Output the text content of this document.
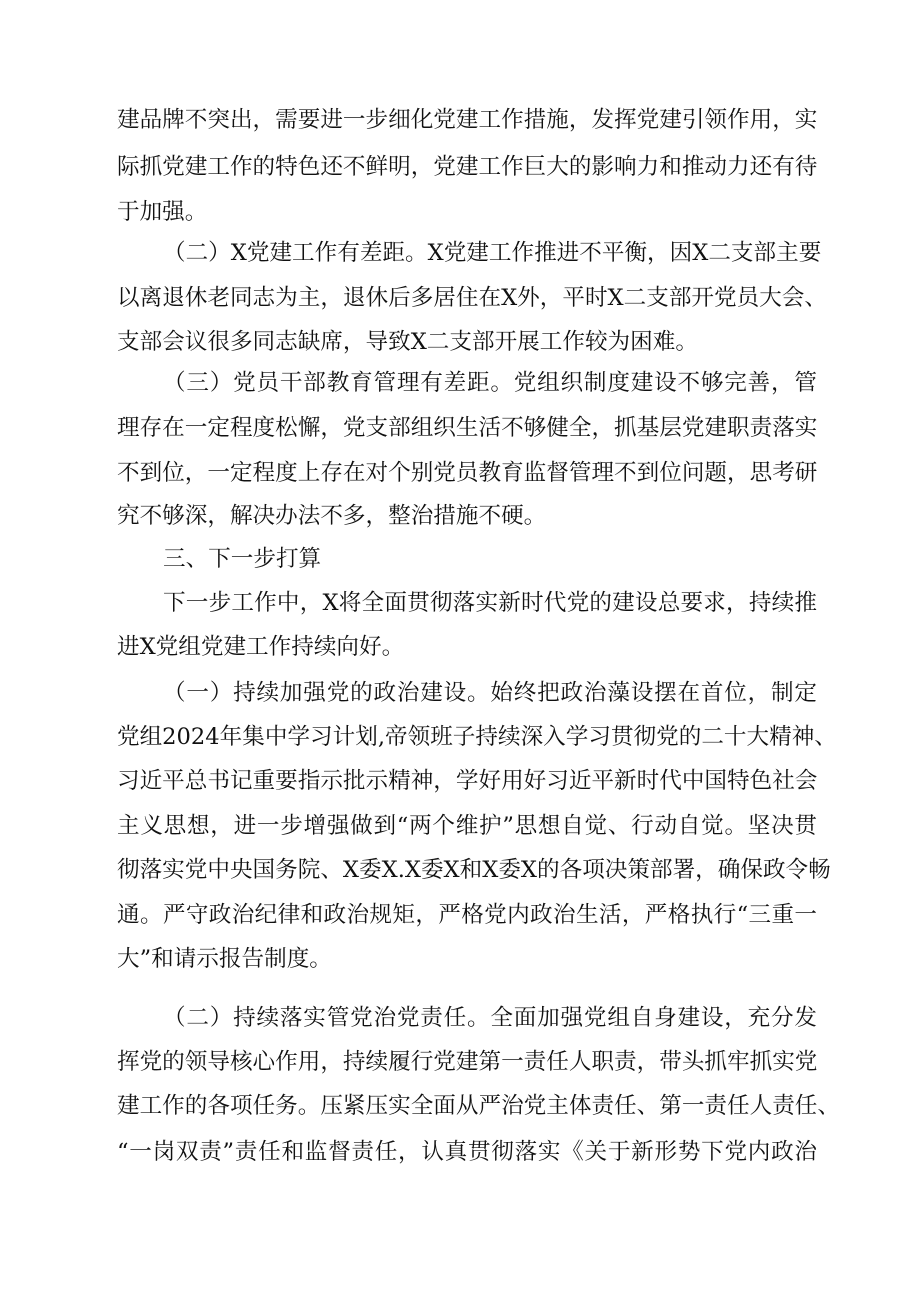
建品牌不突出，需要进一步细化党建工作措施，发挥党建引领作用，实
际抓党建工作的特色还不鲜明，党建工作巨大的影响力和推动力还有待
于加强。
（二）X党建工作有差距。X党建工作推进不平衡，因X二支部主要
以离退休老同志为主，退休后多居住在X外，平时X二支部开党员大会、
支部会议很多同志缺席，导致X二支部开展工作较为困难。
（三）党员干部教育管理有差距。党组织制度建设不够完善，管
理存在一定程度松懈，党支部组织生活不够健全，抓基层党建职责落实
不到位，一定程度上存在对个别党员教育监督管理不到位问题，思考研
究不够深，解决办法不多，整治措施不硬。
三、下一步打算
下一步工作中，X将全面贯彻落实新时代党的建设总要求，持续推
进X党组党建工作持续向好。
（一）持续加强党的政治建设。始终把政治藻设摆在首位，制定
党组2024年集中学习计划,帝领班子持续深入学习贯彻党的二十大精神、
习近平总书记重要指示批示精神，学好用好习近平新时代中国特色社会
主义思想，进一步增强做到“两个维护”思想自觉、行动自觉。坚决贯
彻落实党中央国务院、X委X.X委X和X委X的各项决策部署，确保政令畅
通。严守政治纪律和政治规矩，严格党内政治生活，严格执行“三重一
大”和请示报告制度。
（二）持续落实管党治党责任。全面加强党组自身建设，充分发
挥党的领导核心作用，持续履行党建第一责任人职责，带头抓牢抓实党
建工作的各项任务。压紧压实全面从严治党主体责任、第一责任人责任、
“一岗双责”责任和监督责任，认真贯彻落实《关于新形势下党内政治
